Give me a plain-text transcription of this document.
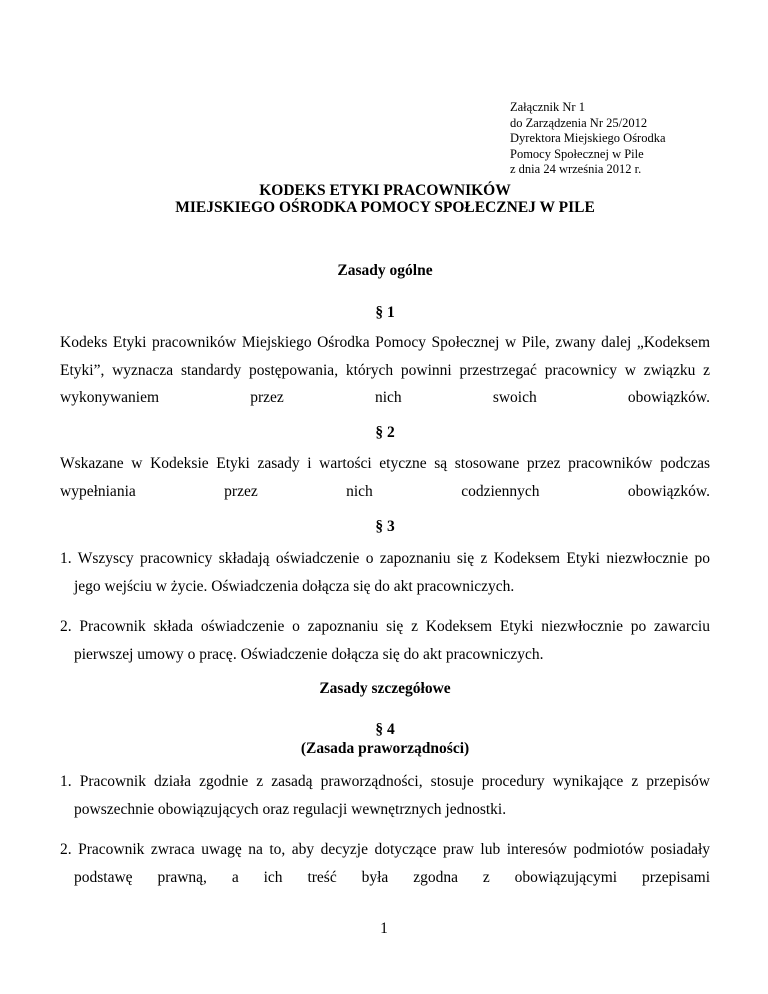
Załącznik Nr 1
do Zarządzenia Nr 25/2012
Dyrektora Miejskiego Ośrodka
Pomocy Społecznej w Pile
z dnia 24 września 2012 r.
KODEKS ETYKI PRACOWNIKÓW
MIEJSKIEGO OŚRODKA POMOCY SPOŁECZNEJ W PILE
Zasady ogólne
§ 1
Kodeks Etyki pracowników Miejskiego Ośrodka Pomocy Społecznej w Pile, zwany dalej „Kodeksem Etyki”, wyznacza standardy postępowania, których powinni przestrzegać pracownicy w związku z wykonywaniem przez nich swoich obowiązków.
§ 2
Wskazane w Kodeksie Etyki zasady i wartości etyczne są stosowane przez pracowników podczas wypełniania przez nich codziennych obowiązków.
§ 3
1. Wszyscy pracownicy składają oświadczenie o zapoznaniu się z Kodeksem Etyki niezwłocznie po jego wejściu w życie. Oświadczenia dołącza się do akt pracowniczych.
2. Pracownik składa oświadczenie o zapoznaniu się z Kodeksem Etyki niezwłocznie po zawarciu pierwszej umowy o pracę. Oświadczenie dołącza się do akt pracowniczych.
Zasady szczegółowe
§ 4
(Zasada praworządności)
1. Pracownik działa zgodnie z zasadą praworządności, stosuje procedury wynikające z przepisów powszechnie obowiązujących oraz regulacji wewnętrznych jednostki.
2. Pracownik zwraca uwagę na to, aby decyzje dotyczące praw lub interesów podmiotów posiadały podstawę prawną, a ich treść była zgodna z obowiązującymi przepisami
1
